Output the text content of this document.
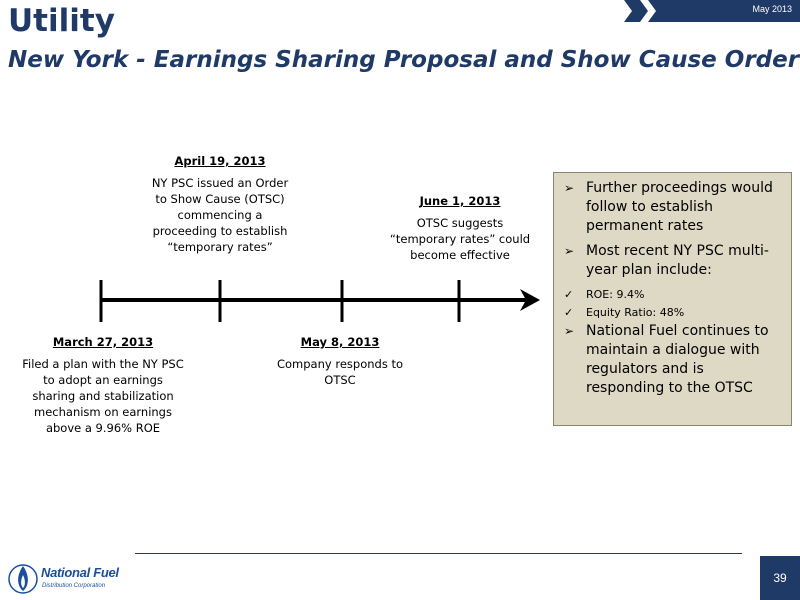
Utility
New York - Earnings Sharing Proposal and Show Cause Order
May 2013
April 19, 2013
NY PSC issued an Order
to Show Cause (OTSC)
commencing a
proceeding to establish
“temporary rates”
June 1, 2013
OTSC suggests
“temporary rates” could
become effective
March 27, 2013
Filed a plan with the NY PSC
to adopt an earnings
sharing and stabilization
mechanism on earnings
above a 9.96% ROE
May 8, 2013
Company responds to
OTSC
➢ Further proceedings would follow to establish permanent rates
➢ Most recent NY PSC multi-year plan include:
✓	ROE: 9.4%
✓	Equity Ratio: 48%
➢ National Fuel continues to maintain a dialogue with regulators and is responding to the OTSC
National Fuel
Distribution Corporation
39
